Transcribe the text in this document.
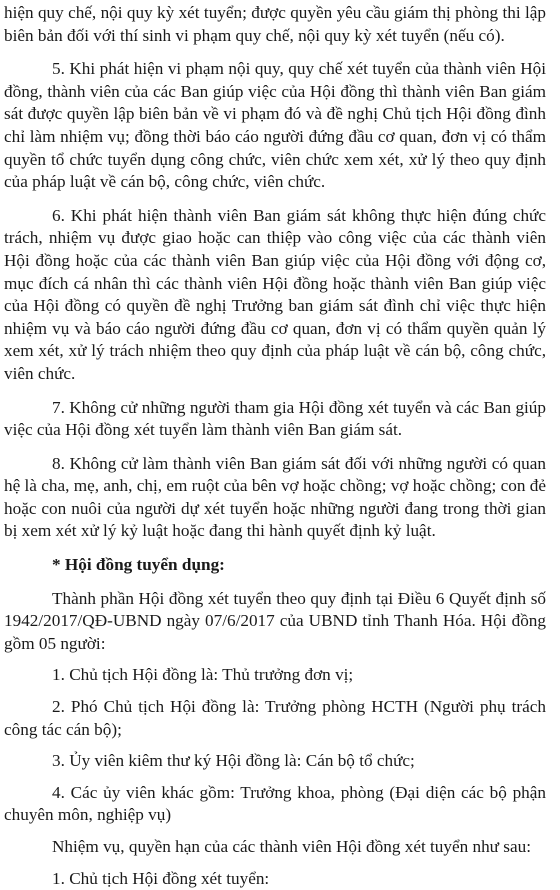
hiện quy chế, nội quy kỳ xét tuyển; được quyền yêu cầu giám thị phòng thi lập biên bản đối với thí sinh vi phạm quy chế, nội quy kỳ xét tuyển (nếu có).

5. Khi phát hiện vi phạm nội quy, quy chế xét tuyển của thành viên Hội đồng, thành viên của các Ban giúp việc của Hội đồng thì thành viên Ban giám sát được quyền lập biên bản về vi phạm đó và đề nghị Chủ tịch Hội đồng đình chỉ làm nhiệm vụ; đồng thời báo cáo người đứng đầu cơ quan, đơn vị có thẩm quyền tổ chức tuyển dụng công chức, viên chức xem xét, xử lý theo quy định của pháp luật về cán bộ, công chức, viên chức.

6. Khi phát hiện thành viên Ban giám sát không thực hiện đúng chức trách, nhiệm vụ được giao hoặc can thiệp vào công việc của các thành viên Hội đồng hoặc của các thành viên Ban giúp việc của Hội đồng với động cơ, mục đích cá nhân thì các thành viên Hội đồng hoặc thành viên Ban giúp việc của Hội đồng có quyền đề nghị Trưởng ban giám sát đình chỉ việc thực hiện nhiệm vụ và báo cáo người đứng đầu cơ quan, đơn vị có thẩm quyền quản lý xem xét, xử lý trách nhiệm theo quy định của pháp luật về cán bộ, công chức, viên chức.

7. Không cử những người tham gia Hội đồng xét tuyển và các Ban giúp việc của Hội đồng xét tuyển làm thành viên Ban giám sát.

8. Không cử làm thành viên Ban giám sát đối với những người có quan hệ là cha, mẹ, anh, chị, em ruột của bên vợ hoặc chồng; vợ hoặc chồng; con đẻ hoặc con nuôi của người dự xét tuyển hoặc những người đang trong thời gian bị xem xét xử lý kỷ luật hoặc đang thi hành quyết định kỷ luật.

* Hội đồng tuyển dụng:

Thành phần Hội đồng xét tuyển theo quy định tại Điều 6 Quyết định số 1942/2017/QĐ-UBND ngày 07/6/2017 của UBND tỉnh Thanh Hóa. Hội đồng gồm 05 người:

1. Chủ tịch Hội đồng là: Thủ trưởng đơn vị;

2. Phó Chủ tịch Hội đồng là: Trưởng phòng HCTH (Người phụ trách công tác cán bộ);

3. Ủy viên kiêm thư ký Hội đồng là: Cán bộ tổ chức;

4. Các ủy viên khác gồm: Trưởng khoa, phòng (Đại diện các bộ phận chuyên môn, nghiệp vụ)

Nhiệm vụ, quyền hạn của các thành viên Hội đồng xét tuyển như sau:

1. Chủ tịch Hội đồng xét tuyển:
